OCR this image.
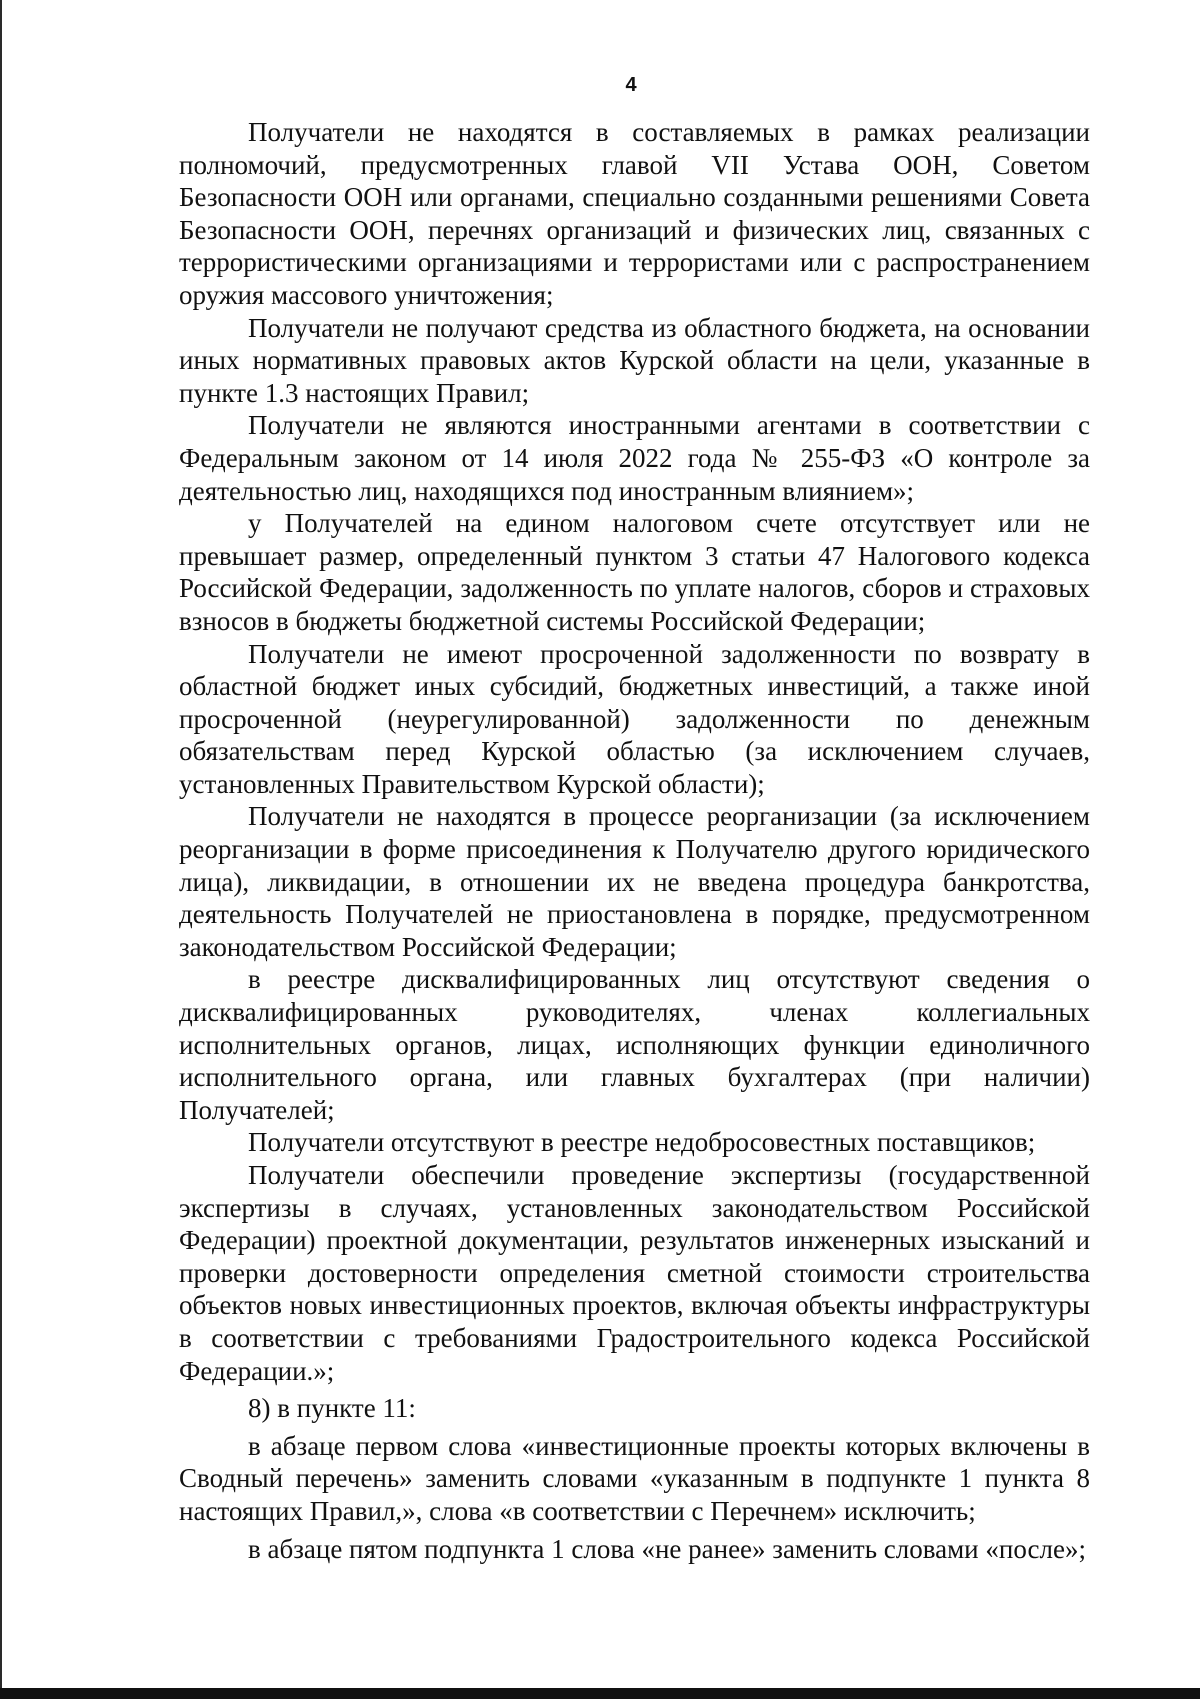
4

Получатели не находятся в составляемых в рамках реализации полномочий, предусмотренных главой VII Устава ООН, Советом Безопасности ООН или органами, специально созданными решениями Совета Безопасности ООН, перечнях организаций и физических лиц, связанных с террористическими организациями и террористами или с распространением оружия массового уничтожения;

Получатели не получают средства из областного бюджета, на основании иных нормативных правовых актов Курской области на цели, указанные в пункте 1.3 настоящих Правил;

Получатели не являются иностранными агентами в соответствии с Федеральным законом от 14 июля 2022 года № 255-ФЗ «О контроле за деятельностью лиц, находящихся под иностранным влиянием»;

у Получателей на едином налоговом счете отсутствует или не превышает размер, определенный пунктом 3 статьи 47 Налогового кодекса Российской Федерации, задолженность по уплате налогов, сборов и страховых взносов в бюджеты бюджетной системы Российской Федерации;

Получатели не имеют просроченной задолженности по возврату в областной бюджет иных субсидий, бюджетных инвестиций, а также иной просроченной (неурегулированной) задолженности по денежным обязательствам перед Курской областью (за исключением случаев, установленных Правительством Курской области);

Получатели не находятся в процессе реорганизации (за исключением реорганизации в форме присоединения к Получателю другого юридического лица), ликвидации, в отношении их не введена процедура банкротства, деятельность Получателей не приостановлена в порядке, предусмотренном законодательством Российской Федерации;

в реестре дисквалифицированных лиц отсутствуют сведения о дисквалифицированных руководителях, членах коллегиальных исполнительных органов, лицах, исполняющих функции единоличного исполнительного органа, или главных бухгалтерах (при наличии) Получателей;

Получатели отсутствуют в реестре недобросовестных поставщиков;

Получатели обеспечили проведение экспертизы (государственной экспертизы в случаях, установленных законодательством Российской Федерации) проектной документации, результатов инженерных изысканий и проверки достоверности определения сметной стоимости строительства объектов новых инвестиционных проектов, включая объекты инфраструктуры в соответствии с требованиями Градостроительного кодекса Российской Федерации.»;

8) в пункте 11:

в абзаце первом слова «инвестиционные проекты которых включены в Сводный перечень» заменить словами «указанным в подпункте 1 пункта 8 настоящих Правил,», слова «в соответствии с Перечнем» исключить;

в абзаце пятом подпункта 1 слова «не ранее» заменить словами «после»;
